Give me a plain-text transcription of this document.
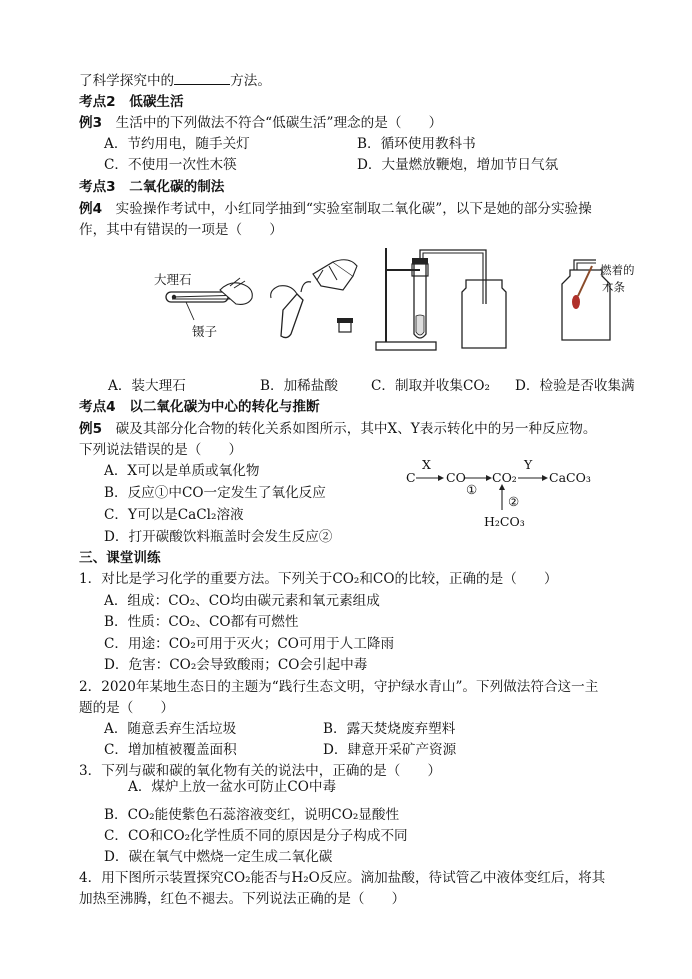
了科学探究中的	方法。
考点2　低碳生活
例3　 生活中的下列做法不符合“低碳生活”理念的是（　　）
A．节约用电，随手关灯	B．循环使用教科书
C．不使用一次性木筷	D．大量燃放鞭炮，增加节日气氛
考点3　二氧化碳的制法
例4　 实验操作考试中，小红同学抽到“实验室制取二氧化碳”，以下是她的部分实验操
作，其中有错误的一项是（　　）
大理石
镊子
燃着的
木条
A．装大理石	B．加稀盐酸 C．制取并收集CO₂ D．检验是否收集满
考点4　以二氧化碳为中心的转化与推断
例5　 碳及其部分化合物的转化关系如图所示，其中X、Y表示转化中的另一种反应物。
下列说法错误的是（　　）
A．X可以是单质或氧化物
B．反应①中CO一定发生了氧化反应
C．Y可以是CaCl₂溶液
D．打开碳酸饮料瓶盖时会发生反应②
C CO CO₂	CaCO₃
H₂CO₃
X	Y
①
②
三、课堂训练
1．对比是学习化学的重要方法。下列关于CO₂和CO的比较，正确的是（　　）
A．组成：CO₂、CO均由碳元素和氧元素组成
B．性质：CO₂、CO都有可燃性
C．用途：CO₂可用于灭火；CO可用于人工降雨
D．危害：CO₂会导致酸雨；CO会引起中毒
2．2020年某地生态日的主题为“践行生态文明，守护绿水青山”。下列做法符合这一主
题的是（　　）
A．随意丢弃生活垃圾	B．露天焚烧废弃塑料
C．增加植被覆盖面积	D．肆意开采矿产资源
3．下列与碳和碳的氧化物有关的说法中，正确的是（　　）
A．煤炉上放一盆水可防止CO中毒
B．CO₂能使紫色石蕊溶液变红，说明CO₂显酸性
C．CO和CO₂化学性质不同的原因是分子构成不同
D．碳在氧气中燃烧一定生成二氧化碳
4．用下图所示装置探究CO₂能否与H₂O反应。滴加盐酸，待试管乙中液体变红后，将其
加热至沸腾，红色不褪去。下列说法正确的是（　　）
